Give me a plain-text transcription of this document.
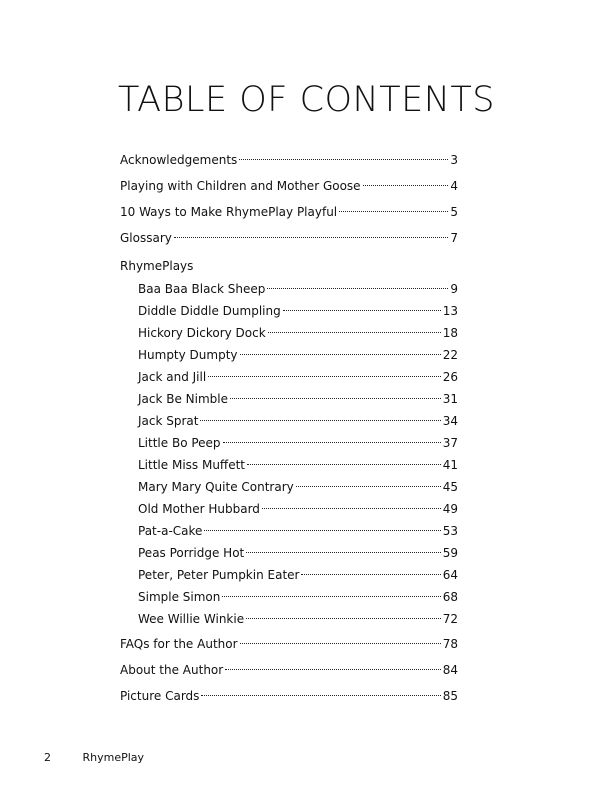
TABLE OF CONTENTS
Acknowledgements	3
Playing with Children and Mother Goose	4
10 Ways to Make RhymePlay Playful	5
Glossary	7
RhymePlays
Baa Baa Black Sheep	9
Diddle Diddle Dumpling	13
Hickory Dickory Dock	18
Humpty Dumpty	22
Jack and Jill	26
Jack Be Nimble	31
Jack Sprat	34
Little Bo Peep	37
Little Miss Muffett	41
Mary Mary Quite Contrary	45
Old Mother Hubbard	49
Pat-a-Cake	53
Peas Porridge Hot	59
Peter, Peter Pumpkin Eater	64
Simple Simon	68
Wee Willie Winkie	72
FAQs for the Author	78
About the Author	84
Picture Cards	85
2	RhymePlay
